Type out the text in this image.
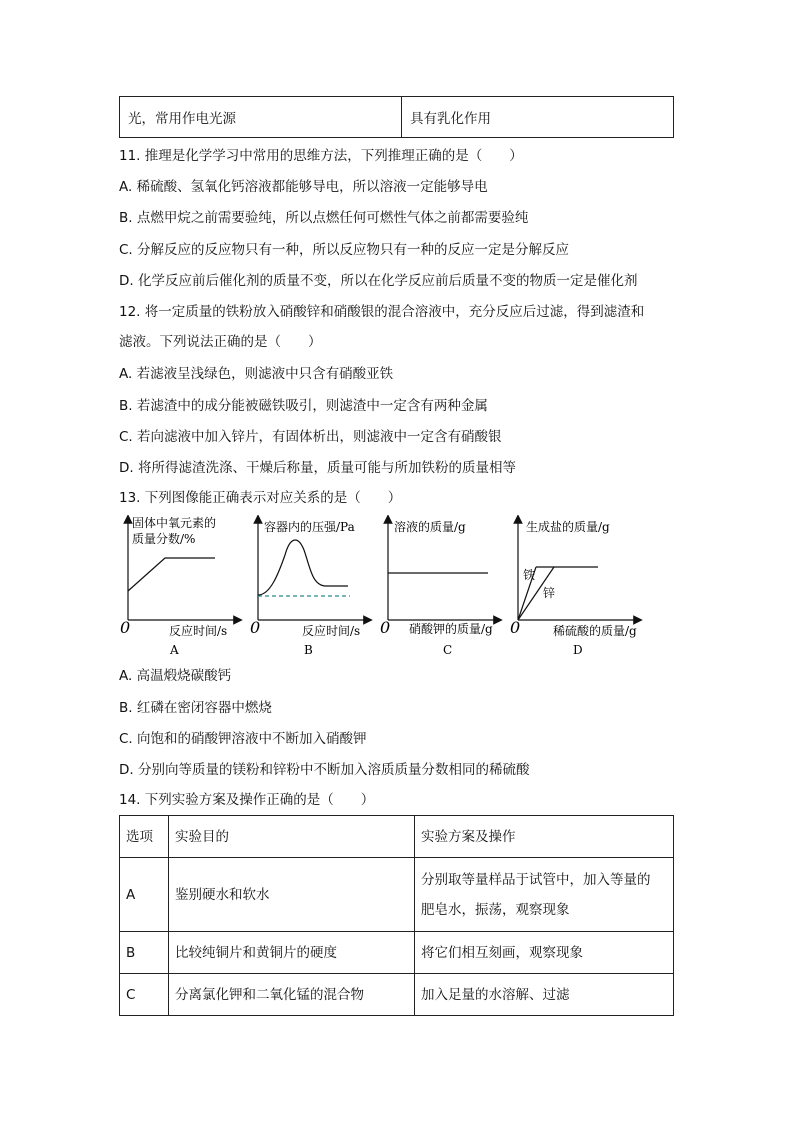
光，常用作电光源	具有乳化作用
11. 推理是化学学习中常用的思维方法，下列推理正确的是（　　）
A. 稀硫酸、氢氧化钙溶液都能够导电，所以溶液一定能够导电
B. 点燃甲烷之前需要验纯，所以点燃任何可燃性气体之前都需要验纯
C. 分解反应的反应物只有一种，所以反应物只有一种的反应一定是分解反应
D. 化学反应前后催化剂的质量不变，所以在化学反应前后质量不变的物质一定是催化剂
12. 将一定质量的铁粉放入硝酸锌和硝酸银的混合溶液中，充分反应后过滤，得到滤渣和
滤液。下列说法正确的是（　　）
A. 若滤液呈浅绿色，则滤液中只含有硝酸亚铁
B. 若滤渣中的成分能被磁铁吸引，则滤渣中一定含有两种金属
C. 若向滤液中加入锌片，有固体析出，则滤液中一定含有硝酸银
D. 将所得滤渣洗涤、干燥后称量，质量可能与所加铁粉的质量相等
13. 下列图像能正确表示对应关系的是（　　）
固体中氧元素的
质量分数/%
0	反应时间/s
A
容器内的压强/Pa
0	反应时间/s
B
溶液的质量/g
0 硝酸钾的质量/g
C
生成盐的质量/g
铁
锌
0	稀硫酸的质量/g
D
A. 高温煅烧碳酸钙
B. 红磷在密闭容器中燃烧
C. 向饱和的硝酸钾溶液中不断加入硝酸钾
D. 分别向等质量的镁粉和锌粉中不断加入溶质质量分数相同的稀硫酸
14. 下列实验方案及操作正确的是（　　）
选项	实验目的	实验方案及操作
A	鉴别硬水和软水	分别取等量样品于试管中，加入等量的
肥皂水，振荡，观察现象

B	比较纯铜片和黄铜片的硬度	将它们相互刻画，观察现象
C	分离氯化钾和二氧化锰的混合物	加入足量的水溶解、过滤
